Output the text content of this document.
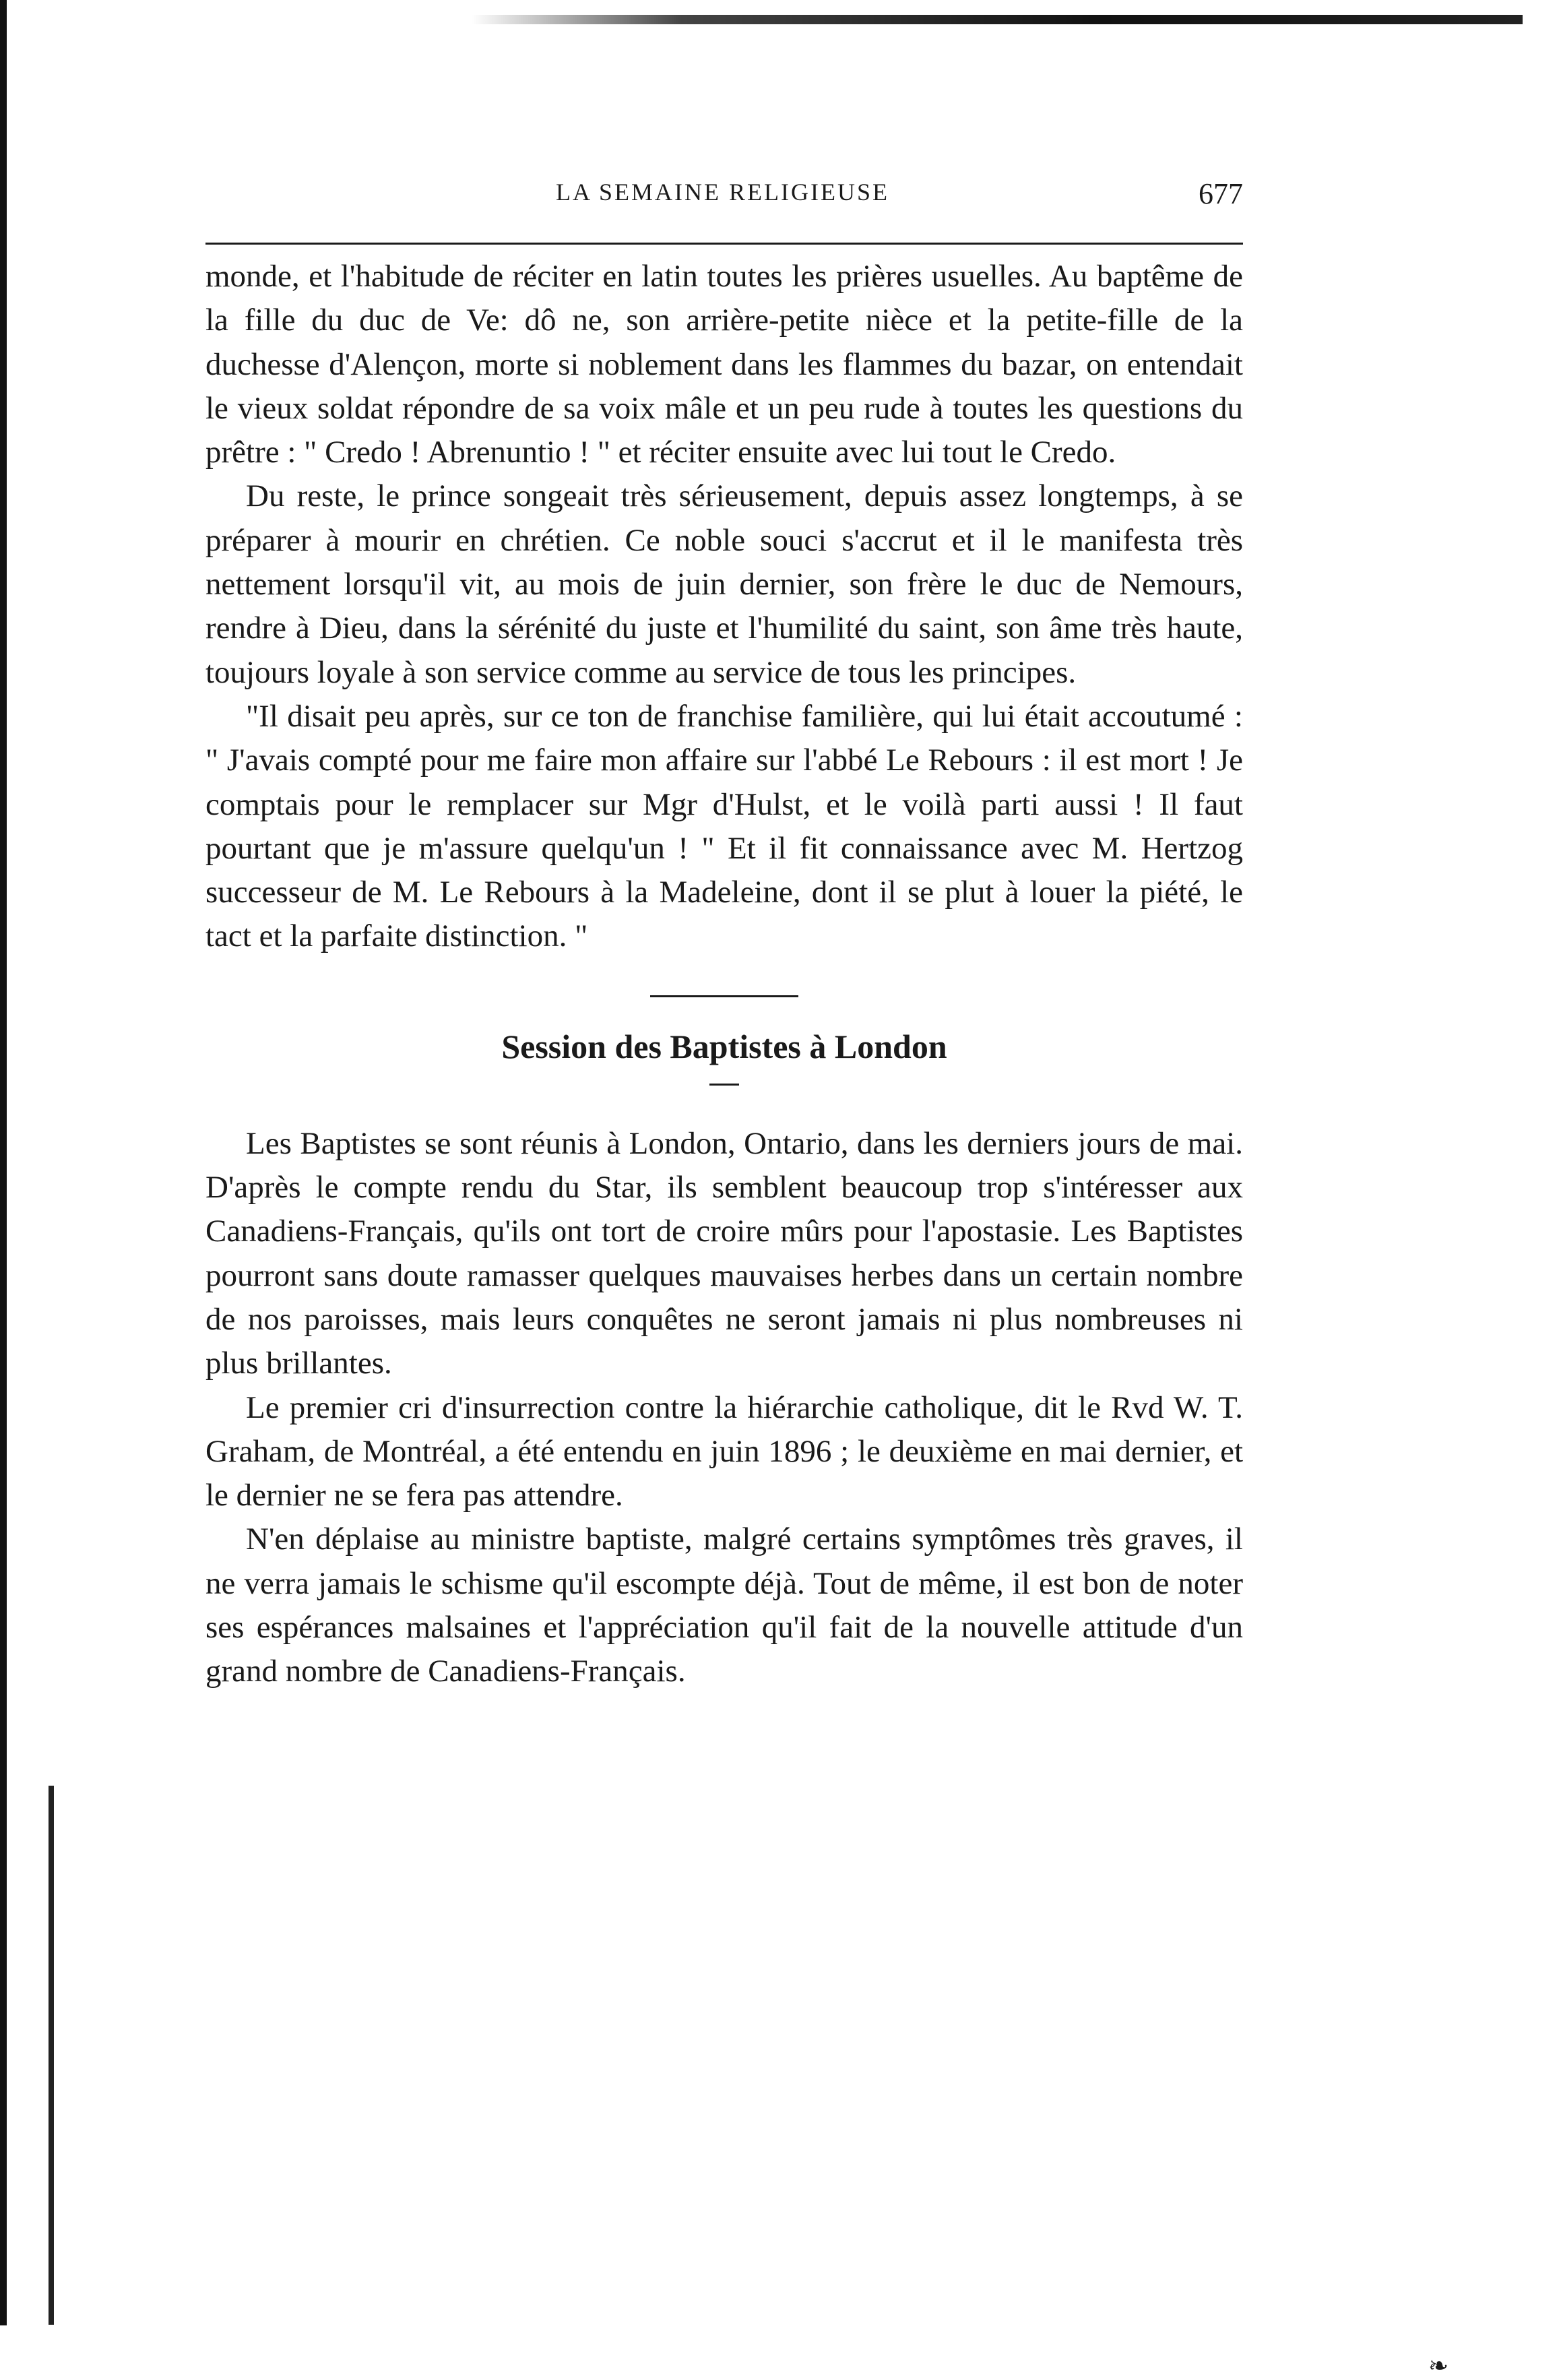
LA SEMAINE RELIGIEUSE	677

monde, et l'habitude de réciter en latin toutes les prières usuelles. Au baptême de la fille du duc de Ve: dô ne, son arrière-petite nièce et la petite-fille de la duchesse d'Alençon, morte si noblement dans les flammes du bazar, on entendait le vieux soldat répondre de sa voix mâle et un peu rude à toutes les questions du prêtre : " Credo ! Abrenuntio ! " et réciter ensuite avec lui tout le Credo.

Du reste, le prince songeait très sérieusement, depuis assez longtemps, à se préparer à mourir en chrétien. Ce noble souci s'accrut et il le manifesta très nettement lorsqu'il vit, au mois de juin dernier, son frère le duc de Nemours, rendre à Dieu, dans la sérénité du juste et l'humilité du saint, son âme très haute, toujours loyale à son service comme au service de tous les principes.

"Il disait peu après, sur ce ton de franchise familière, qui lui était accoutumé : " J'avais compté pour me faire mon affaire sur l'abbé Le Rebours : il est mort ! Je comptais pour le remplacer sur Mgr d'Hulst, et le voilà parti aussi ! Il faut pourtant que je m'assure quelqu'un ! " Et il fit connaissance avec M. Hertzog successeur de M. Le Rebours à la Madeleine, dont il se plut à louer la piété, le tact et la parfaite distinction. "

Session des Baptistes à London

Les Baptistes se sont réunis à London, Ontario, dans les derniers jours de mai. D'après le compte rendu du Star, ils semblent beaucoup trop s'intéresser aux Canadiens-Français, qu'ils ont tort de croire mûrs pour l'apostasie. Les Baptistes pourront sans doute ramasser quelques mauvaises herbes dans un certain nombre de nos paroisses, mais leurs conquêtes ne seront jamais ni plus nombreuses ni plus brillantes.

Le premier cri d'insurrection contre la hiérarchie catholique, dit le Rvd W. T. Graham, de Montréal, a été entendu en juin 1896 ; le deuxième en mai dernier, et le dernier ne se fera pas attendre.

N'en déplaise au ministre baptiste, malgré certains symptômes très graves, il ne verra jamais le schisme qu'il escompte déjà. Tout de même, il est bon de noter ses espérances malsaines et l'appréciation qu'il fait de la nouvelle attitude d'un grand nombre de Canadiens-Français.

❧
